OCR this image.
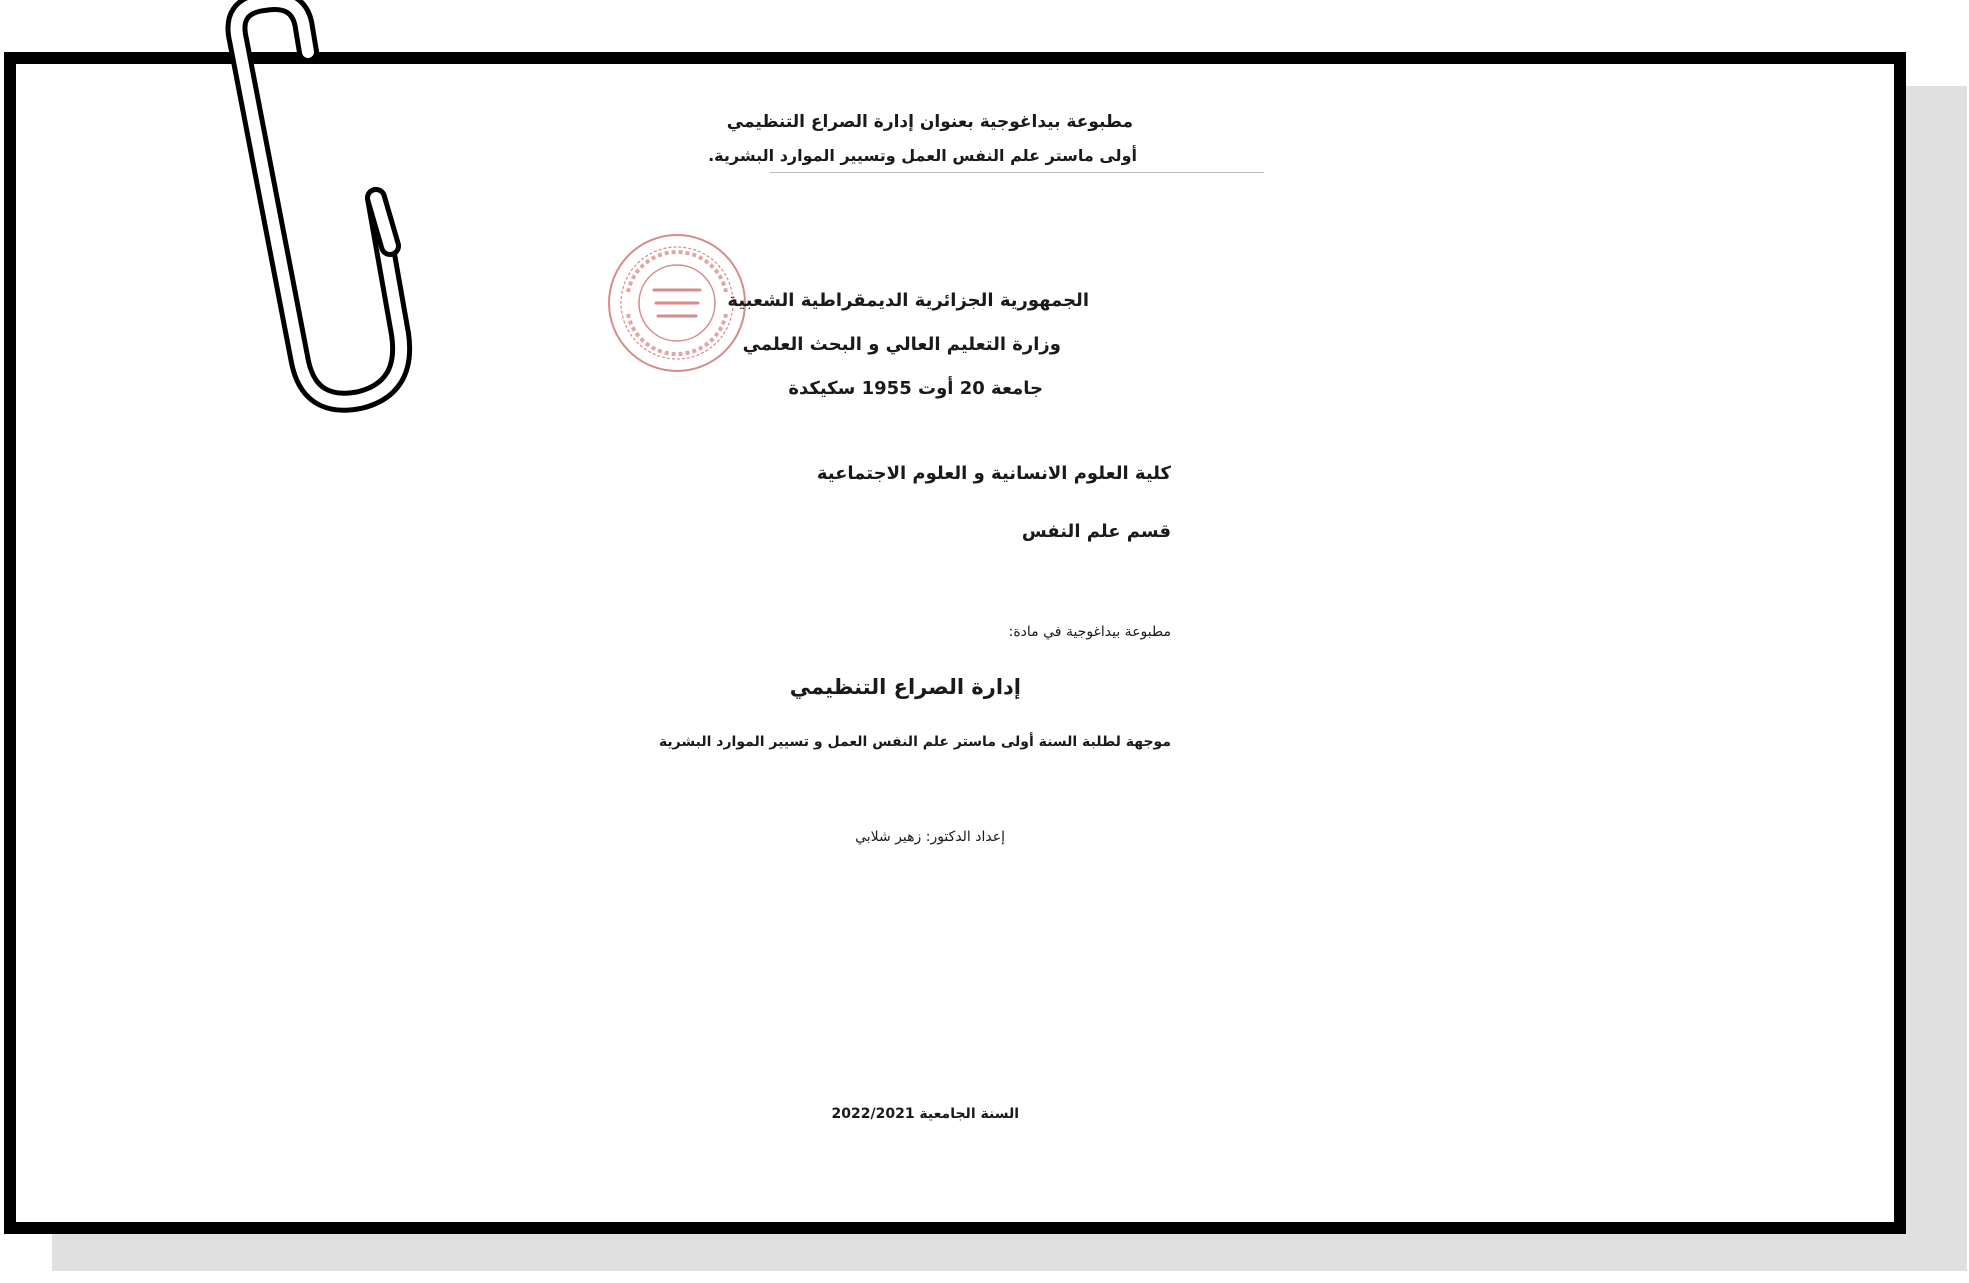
مطبوعة بيداغوجية بعنوان إدارة الصراع التنظيمي
أولى ماستر علم النفس العمل وتسيير الموارد البشرية.
الجمهورية الجزائرية الديمقراطية الشعبية
وزارة التعليم العالي و البحث العلمي
جامعة 20 أوت 1955 سكيكدة
كلية العلوم الانسانية و العلوم الاجتماعية
قسم علم النفس
مطبوعة بيداغوجية في مادة:
إدارة الصراع التنظيمي
موجهة لطلبة السنة أولى ماستر علم النفس العمل و تسيير الموارد البشرية
إعداد الدكتور: زهير شلابي
السنة الجامعية 2022/2021
